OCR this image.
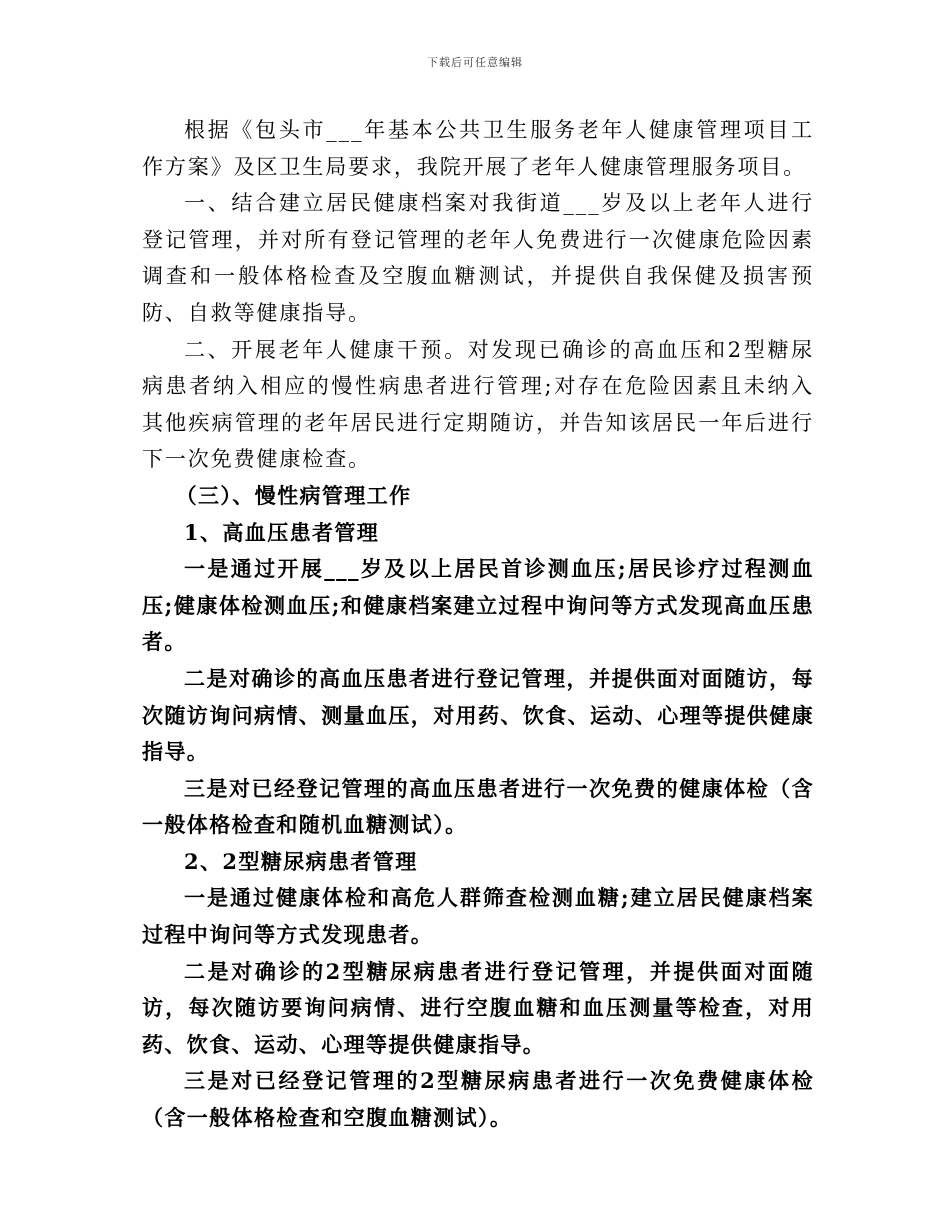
下载后可任意编辑

根据《包头市___年基本公共卫生服务老年人健康管理项目工作方案》及区卫生局要求，我院开展了老年人健康管理服务项目。

一、结合建立居民健康档案对我街道___岁及以上老年人进行登记管理，并对所有登记管理的老年人免费进行一次健康危险因素调查和一般体格检查及空腹血糖测试，并提供自我保健及损害预防、自救等健康指导。

二、开展老年人健康干预。对发现已确诊的高血压和2型糖尿病患者纳入相应的慢性病患者进行管理;对存在危险因素且未纳入其他疾病管理的老年居民进行定期随访，并告知该居民一年后进行下一次免费健康检查。

（三）、慢性病管理工作

1、高血压患者管理

一是通过开展___岁及以上居民首诊测血压;居民诊疗过程测血压;健康体检测血压;和健康档案建立过程中询问等方式发现高血压患者。

二是对确诊的高血压患者进行登记管理，并提供面对面随访，每次随访询问病情、测量血压，对用药、饮食、运动、心理等提供健康指导。

三是对已经登记管理的高血压患者进行一次免费的健康体检（含一般体格检查和随机血糖测试）。

2、2型糖尿病患者管理

一是通过健康体检和高危人群筛查检测血糖;建立居民健康档案过程中询问等方式发现患者。

二是对确诊的2型糖尿病患者进行登记管理，并提供面对面随访，每次随访要询问病情、进行空腹血糖和血压测量等检查，对用药、饮食、运动、心理等提供健康指导。

三是对已经登记管理的2型糖尿病患者进行一次免费健康体检（含一般体格检查和空腹血糖测试）。
